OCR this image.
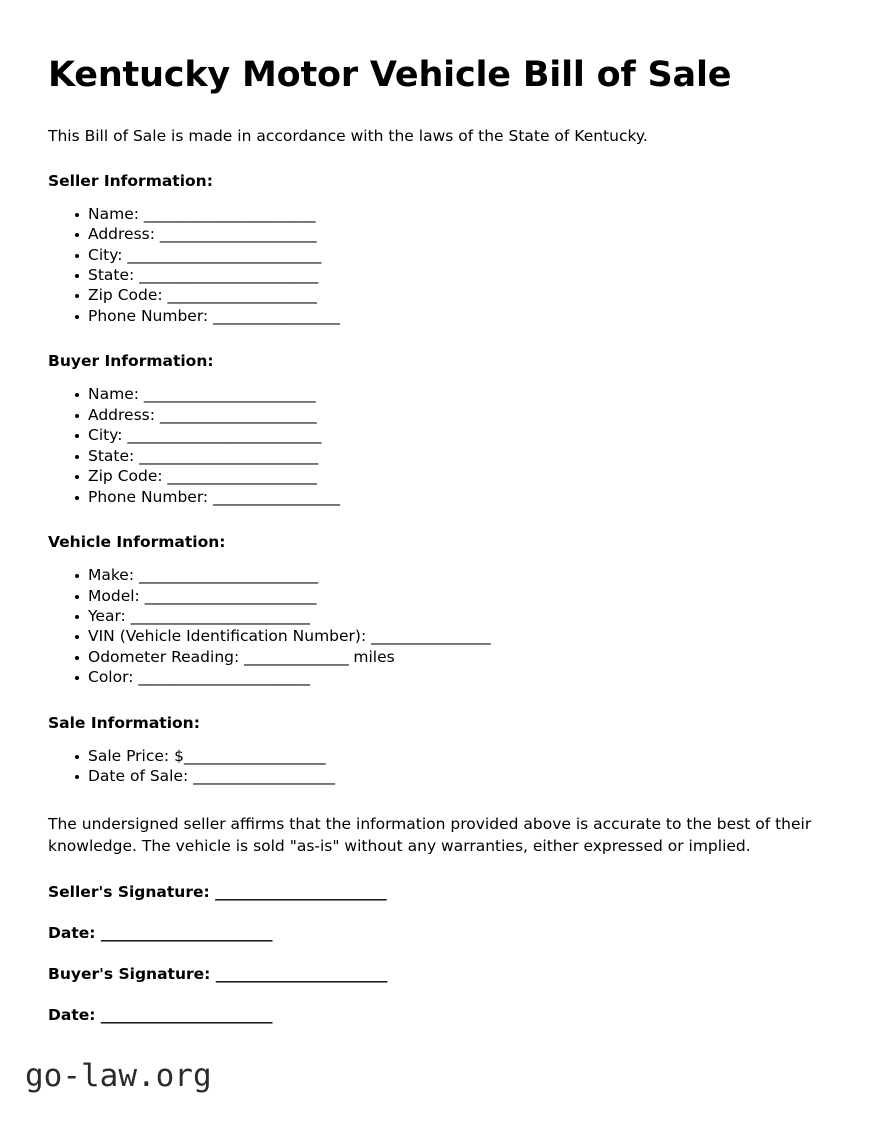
Kentucky Motor Vehicle Bill of Sale

This Bill of Sale is made in accordance with the laws of the State of Kentucky.

Seller Information:
Name: _______________________
Address: _____________________
City: __________________________
State: ________________________
Zip Code: ____________________
Phone Number: _________________
Buyer Information:
Name: _______________________
Address: _____________________
City: __________________________
State: ________________________
Zip Code: ____________________
Phone Number: _________________
Vehicle Information:
Make: ________________________
Model: _______________________
Year: ________________________
VIN (Vehicle Identification Number): ________________
Odometer Reading: ______________ miles
Color: _______________________
Sale Information:
Sale Price: $___________________
Date of Sale: ___________________

The undersigned seller affirms that the information provided above is accurate to the best of their knowledge. The vehicle is sold "as-is" without any warranties, either expressed or implied.

Seller's Signature: _______________________
Date: _______________________
Buyer's Signature: _______________________
Date: _______________________
go-law.org
